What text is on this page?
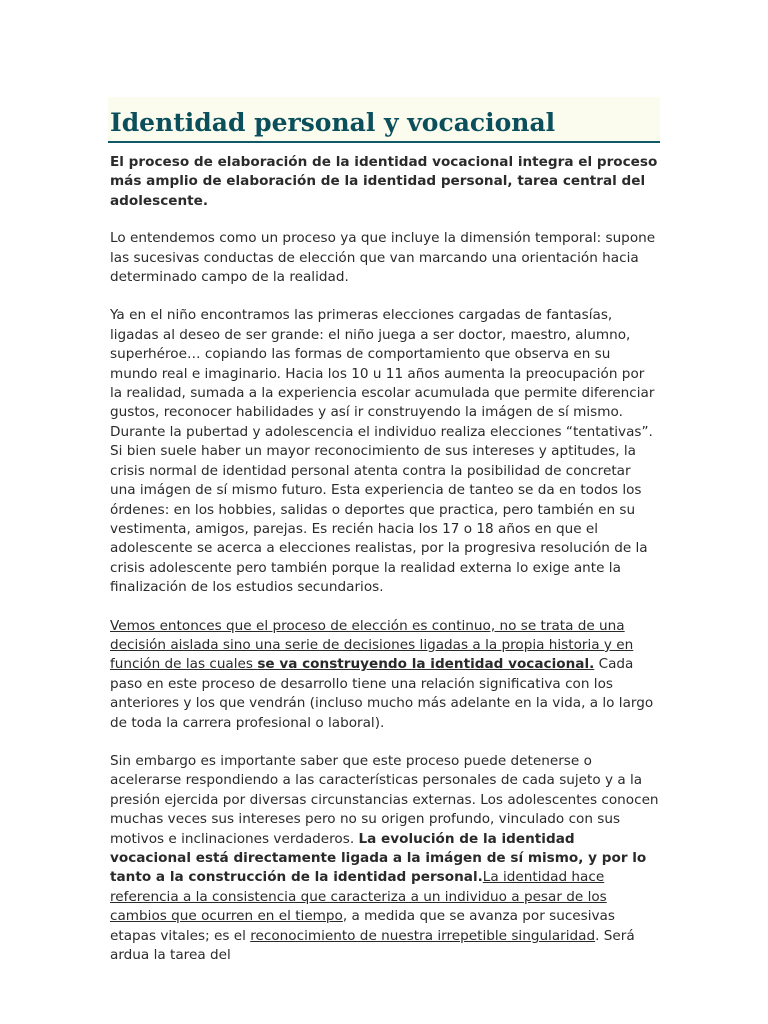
Identidad personal y vocacional

El proceso de elaboración de la identidad vocacional integra el proceso más amplio de elaboración de la identidad personal, tarea central del adolescente.

Lo entendemos como un proceso ya que incluye la dimensión temporal: supone las sucesivas conductas de elección que van marcando una orientación hacia determinado campo de la realidad.

Ya en el niño encontramos las primeras elecciones cargadas de fantasías, ligadas al deseo de ser grande: el niño juega a ser doctor, maestro, alumno, superhéroe… copiando las formas de comportamiento que observa en su mundo real e imaginario. Hacia los 10 u 11 años aumenta la preocupación por la realidad, sumada a la experiencia escolar acumulada que permite diferenciar gustos, reconocer habilidades y así ir construyendo la imágen de sí mismo. Durante la pubertad y adolescencia el individuo realiza elecciones “tentativas”. Si bien suele haber un mayor reconocimiento de sus intereses y aptitudes, la crisis normal de identidad personal atenta contra la posibilidad de concretar una imágen de sí mismo futuro. Esta experiencia de tanteo se da en todos los órdenes: en los hobbies, salidas o deportes que practica, pero también en su vestimenta, amigos, parejas. Es recién hacia los 17 o 18 años en que el adolescente se acerca a elecciones realistas, por la progresiva resolución de la crisis adolescente pero también porque la realidad externa lo exige ante la finalización de los estudios secundarios.

Vemos entonces que el proceso de elección es continuo, no se trata de una decisión aislada sino una serie de decisiones ligadas a la propia historia y en función de las cuales se va construyendo la identidad vocacional. Cada paso en este proceso de desarrollo tiene una relación significativa con los anteriores y los que vendrán (incluso mucho más adelante en la vida, a lo largo de toda la carrera profesional o laboral).

Sin embargo es importante saber que este proceso puede detenerse o acelerarse respondiendo a las características personales de cada sujeto y a la presión ejercida por diversas circunstancias externas. Los adolescentes conocen muchas veces sus intereses pero no su origen profundo, vinculado con sus motivos e inclinaciones verdaderos. La evolución de la identidad vocacional está directamente ligada a la imágen de sí mismo, y por lo tanto a la construcción de la identidad personal.La identidad hace referencia a la consistencia que caracteriza a un individuo a pesar de los cambios que ocurren en el tiempo, a medida que se avanza por sucesivas etapas vitales; es el reconocimiento de nuestra irrepetible singularidad. Será ardua la tarea del
